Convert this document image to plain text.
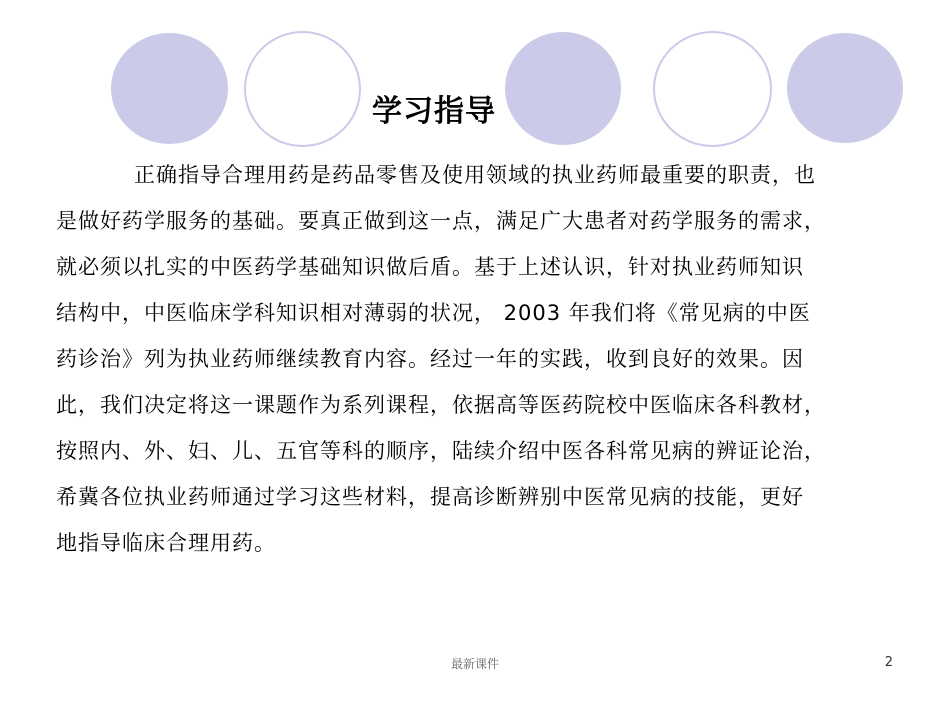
学习指导
正确指导合理用药是药品零售及使用领域的执业药师最重要的职责，也
是做好药学服务的基础。要真正做到这一点，满足广大患者对药学服务的需求，
就必须以扎实的中医药学基础知识做后盾。基于上述认识，针对执业药师知识
结构中，中医临床学科知识相对薄弱的状况， 2003 年我们将《常见病的中医
药诊治》列为执业药师继续教育内容。经过一年的实践，收到良好的效果。因
此，我们决定将这一课题作为系列课程，依据高等医药院校中医临床各科教材，
按照内、外、妇、儿、五官等科的顺序，陆续介绍中医各科常见病的辨证论治，
希冀各位执业药师通过学习这些材料，提高诊断辨别中医常见病的技能，更好
地指导临床合理用药。
最新课件	2
